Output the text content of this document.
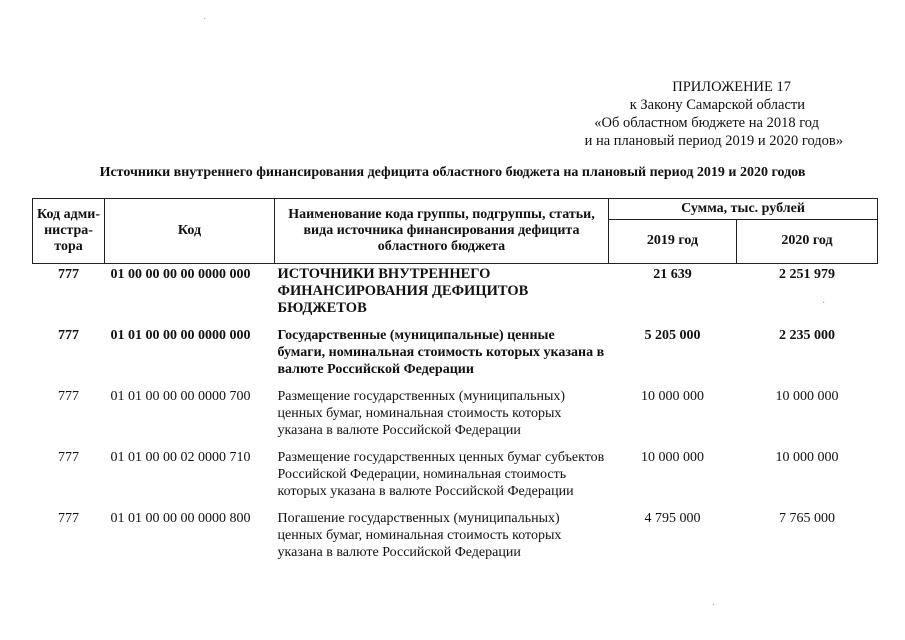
ПРИЛОЖЕНИЕ 17
к Закону Самарской области
«Об областном бюджете на 2018 год
и на плановый период 2019 и 2020 годов»
Источники внутреннего финансирования дефицита областного бюджета на плановый период 2019 и 2020 годов
Код адми-нистра-тора	Код	Наименование кода группы, подгруппы, статьи, вида источника финансирования дефицита областного бюджета	Сумма, тыс. рублей	
			2019 год	2020 год
777	01 00 00 00 00 0000 000	ИСТОЧНИКИ ВНУТРЕННЕГО ФИНАНСИРОВАНИЯ ДЕФИЦИТОВ БЮДЖЕТОВ	21 639	2 251 979
777	01 01 00 00 00 0000 000	Государственные (муниципальные) ценные бумаги, номинальная стоимость которых указана в валюте Российской Федерации	5 205 000	2 235 000
777	01 01 00 00 00 0000 700	Размещение государственных (муниципальных) ценных бумаг, номинальная стоимость которых указана в валюте Российской Федерации	10 000 000	10 000 000
777	01 01 00 00 02 0000 710	Размещение государственных ценных бумаг субъектов Российской Федерации, номинальная стоимость которых указана в валюте Российской Федерации	10 000 000	10 000 000
777	01 01 00 00 00 0000 800	Погашение государственных (муниципальных) ценных бумаг, номинальная стоимость которых указана в валюте Российской Федерации	4 795 000	7 765 000
·
·
·
